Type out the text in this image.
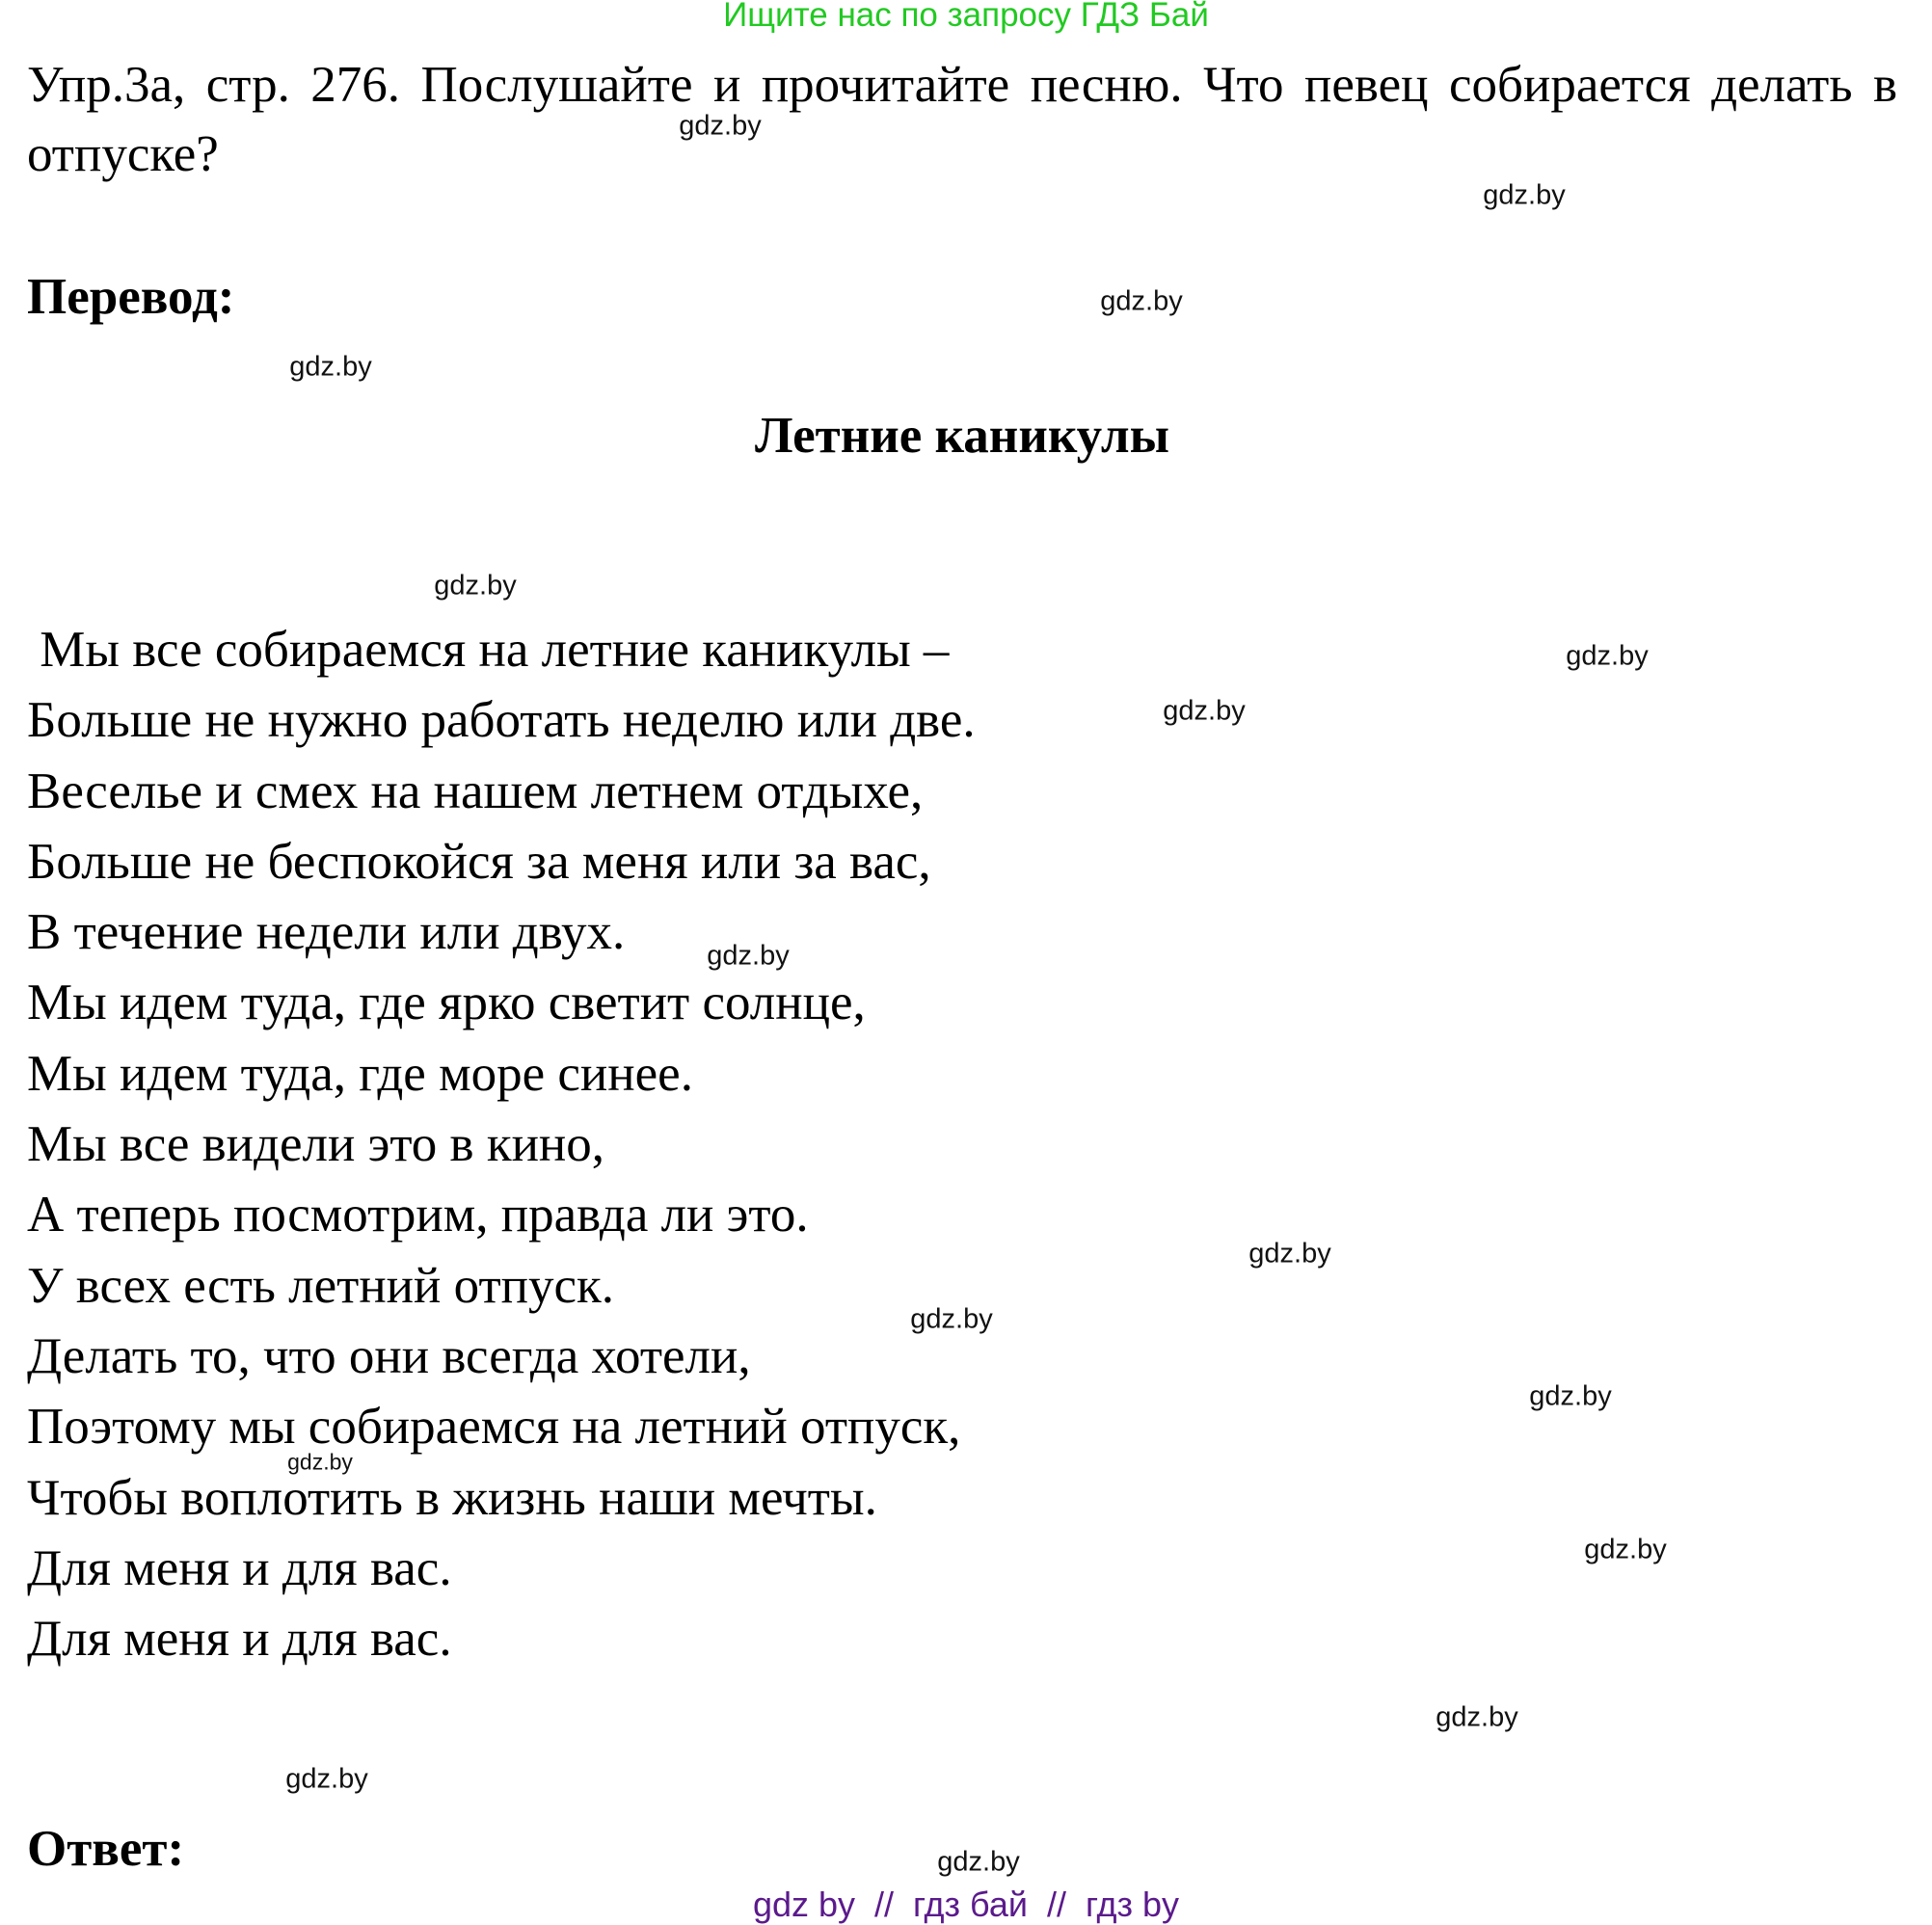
Ищите нас по запросу ГДЗ Бай
Упр.3a, стр. 276. Послушайте и прочитайте песню. Что певец собирается делать в отпуске?
Перевод:
Летние каникулы
Мы все собираемся на летние каникулы –
Больше не нужно работать неделю или две.
Веселье и смех на нашем летнем отдыхе,
Больше не беспокойся за меня или за вас,
В течение недели или двух.
Мы идем туда, где ярко светит солнце,
Мы идем туда, где море синее.
Мы все видели это в кино,
А теперь посмотрим, правда ли это.
У всех есть летний отпуск.
Делать то, что они всегда хотели,
Поэтому мы собираемся на летний отпуск,
Чтобы воплотить в жизнь наши мечты.
Для меня и для вас.
Для меня и для вас.
Ответ:
gdz.by
gdz.by
gdz.by
gdz.by
gdz.by
gdz.by
gdz.by
gdz.by
gdz.by
gdz.by
gdz.by
gdz.by
gdz.by
gdz.by
gdz.by
gdz.by
gdz by  //  гдз бай  //  гдз by
